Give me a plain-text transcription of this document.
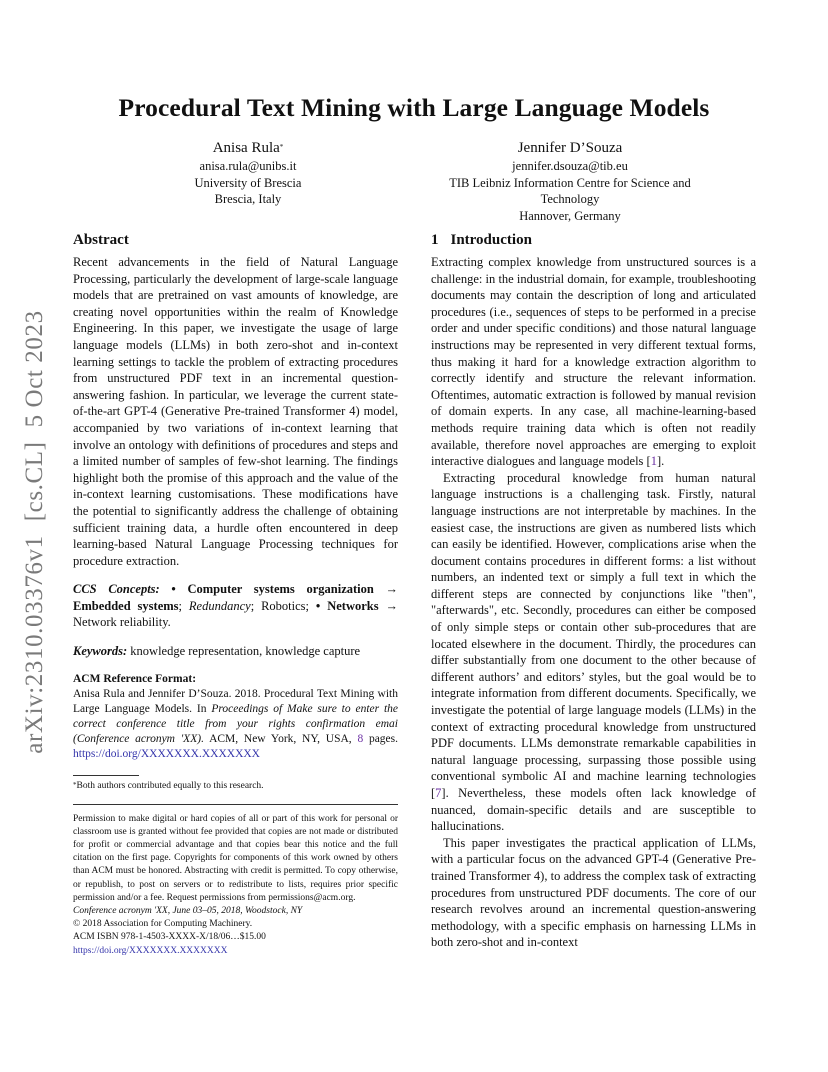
arXiv:2310.03376v1[cs.CL]5 Oct 2023
Procedural Text Mining with Large Language Models
Anisa Rula*
anisa.rula@unibs.it
University of Brescia
Brescia, Italy
Jennifer D’Souza
jennifer.dsouza@tib.eu
TIB Leibniz Information Centre for Science and
Technology
Hannover, Germany
Abstract

Recent advancements in the field of Natural Language Processing, particularly the development of large-scale language models that are pretrained on vast amounts of knowledge, are creating novel opportunities within the realm of Knowledge Engineering. In this paper, we investigate the usage of large language models (LLMs) in both zero-shot and in-context learning settings to tackle the problem of extracting procedures from unstructured PDF text in an incremental question-answering fashion. In particular, we leverage the current state-of-the-art GPT-4 (Generative Pre-trained Transformer 4) model, accompanied by two variations of in-context learning that involve an ontology with definitions of procedures and steps and a limited number of samples of few-shot learning. The findings highlight both the promise of this approach and the value of the in-context learning customisations. These modifications have the potential to significantly address the challenge of obtaining sufficient training data, a hurdle often encountered in deep learning-based Natural Language Processing techniques for procedure extraction.

CCS Concepts: • Computer systems organization → Embedded systems; Redundancy; Robotics; • Networks → Network reliability.

Keywords: knowledge representation, knowledge capture

ACM Reference Format:
Anisa Rula and Jennifer D’Souza. 2018. Procedural Text Mining with Large Language Models. In Proceedings of Make sure to enter the correct conference title from your rights confirmation emai (Conference acronym 'XX). ACM, New York, NY, USA, 8 pages. https://doi.org/XXXXXXX.XXXXXXX
*Both authors contributed equally to this research.
Permission to make digital or hard copies of all or part of this work for personal or classroom use is granted without fee provided that copies are not made or distributed for profit or commercial advantage and that copies bear this notice and the full citation on the first page. Copyrights for components of this work owned by others than ACM must be honored. Abstracting with credit is permitted. To copy otherwise, or republish, to post on servers or to redistribute to lists, requires prior specific permission and/or a fee. Request permissions from permissions@acm.org.
Conference acronym 'XX, June 03–05, 2018, Woodstock, NY
© 2018 Association for Computing Machinery.
ACM ISBN 978-1-4503-XXXX-X/18/06…$15.00
https://doi.org/XXXXXXX.XXXXXXX
1 Introduction

Extracting complex knowledge from unstructured sources is a challenge: in the industrial domain, for example, troubleshooting documents may contain the description of long and articulated procedures (i.e., sequences of steps to be performed in a precise order and under specific conditions) and those natural language instructions may be represented in very different textual forms, thus making it hard for a knowledge extraction algorithm to correctly identify and structure the relevant information. Oftentimes, automatic extraction is followed by manual revision of domain experts. In any case, all machine-learning-based methods require training data which is often not readily available, therefore novel approaches are emerging to exploit interactive dialogues and language models [1].

Extracting procedural knowledge from human natural language instructions is a challenging task. Firstly, natural language instructions are not interpretable by machines. In the easiest case, the instructions are given as numbered lists which can easily be identified. However, complications arise when the document contains procedures in different forms: a list without numbers, an indented text or simply a full text in which the different steps are connected by conjunctions like "then", "afterwards", etc. Secondly, procedures can either be composed of only simple steps or contain other sub-procedures that are located elsewhere in the document. Thirdly, the procedures can differ substantially from one document to the other because of different authors’ and editors’ styles, but the goal would be to integrate information from different documents. Specifically, we investigate the potential of large language models (LLMs) in the context of extracting procedural knowledge from unstructured PDF documents. LLMs demonstrate remarkable capabilities in natural language processing, surpassing those possible using conventional symbolic AI and machine learning technologies [7]. Nevertheless, these models often lack knowledge of nuanced, domain-specific details and are susceptible to hallucinations.

This paper investigates the practical application of LLMs, with a particular focus on the advanced GPT-4 (Generative Pre-trained Transformer 4), to address the complex task of extracting procedures from unstructured PDF documents. The core of our research revolves around an incremental question-answering methodology, with a specific emphasis on harnessing LLMs in both zero-shot and in-context
